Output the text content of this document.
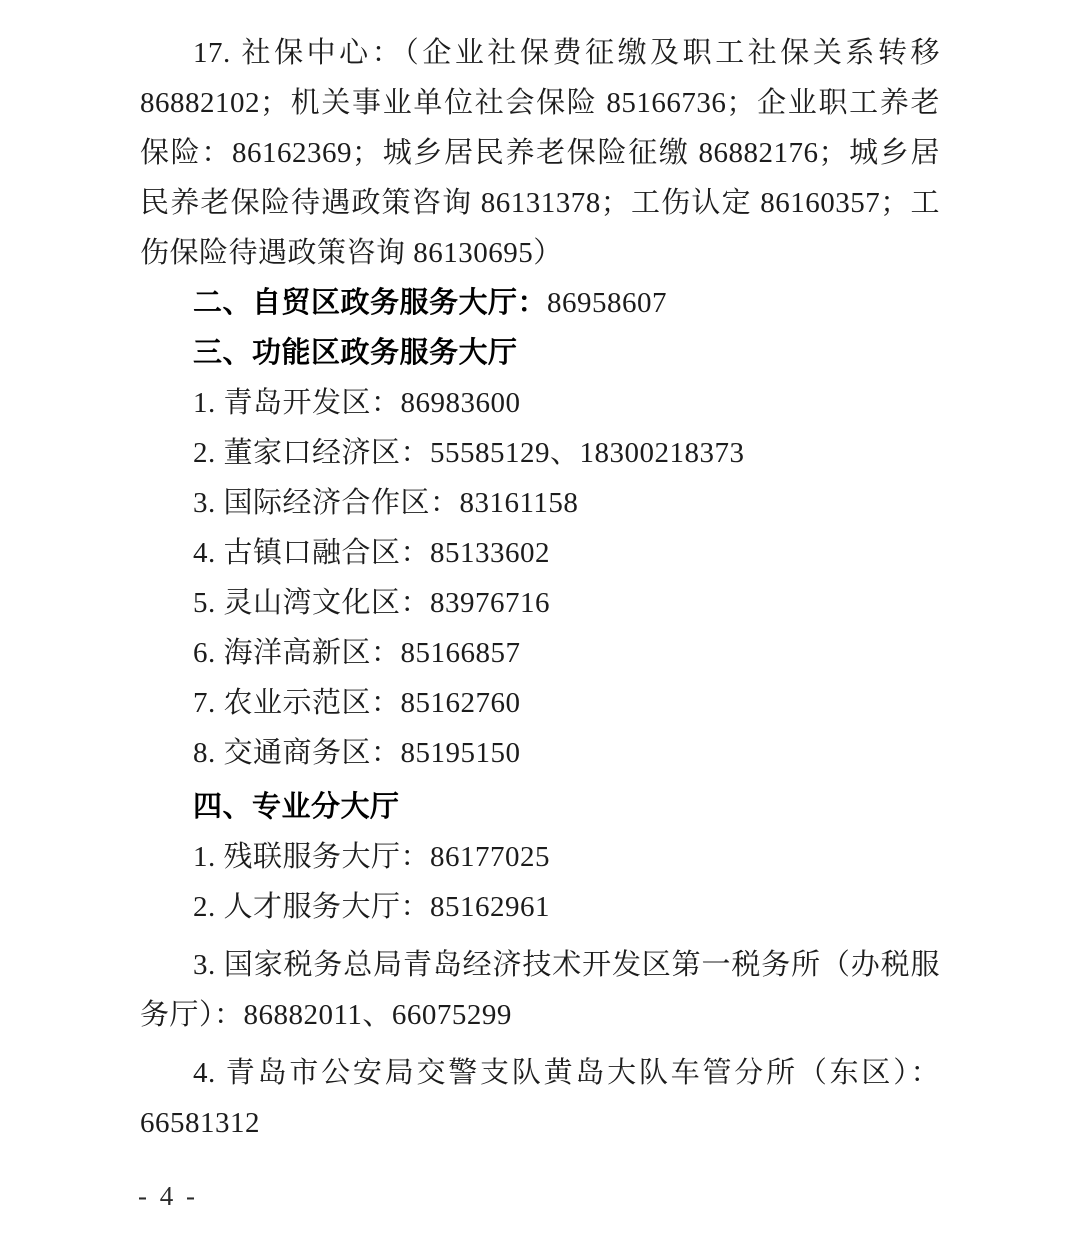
17. 社保中心：（企业社保费征缴及职工社保关系转移 86882102；机关事业单位社会保险 85166736；企业职工养老保险：86162369；城乡居民养老保险征缴 86882176；城乡居民养老保险待遇政策咨询 86131378；工伤认定 86160357；工伤保险待遇政策咨询 86130695）

二、自贸区政务服务大厅：86958607

三、功能区政务服务大厅

1. 青岛开发区：86983600

2. 董家口经济区：55585129、18300218373

3. 国际经济合作区：83161158

4. 古镇口融合区：85133602

5. 灵山湾文化区：83976716

6. 海洋高新区：85166857

7. 农业示范区：85162760

8. 交通商务区：85195150

四、专业分大厅

1. 残联服务大厅：86177025

2. 人才服务大厅：85162961

3. 国家税务总局青岛经济技术开发区第一税务所（办税服务厅）：86882011、66075299

4. 青岛市公安局交警支队黄岛大队车管分所（东区）：66581312

- 4 -
